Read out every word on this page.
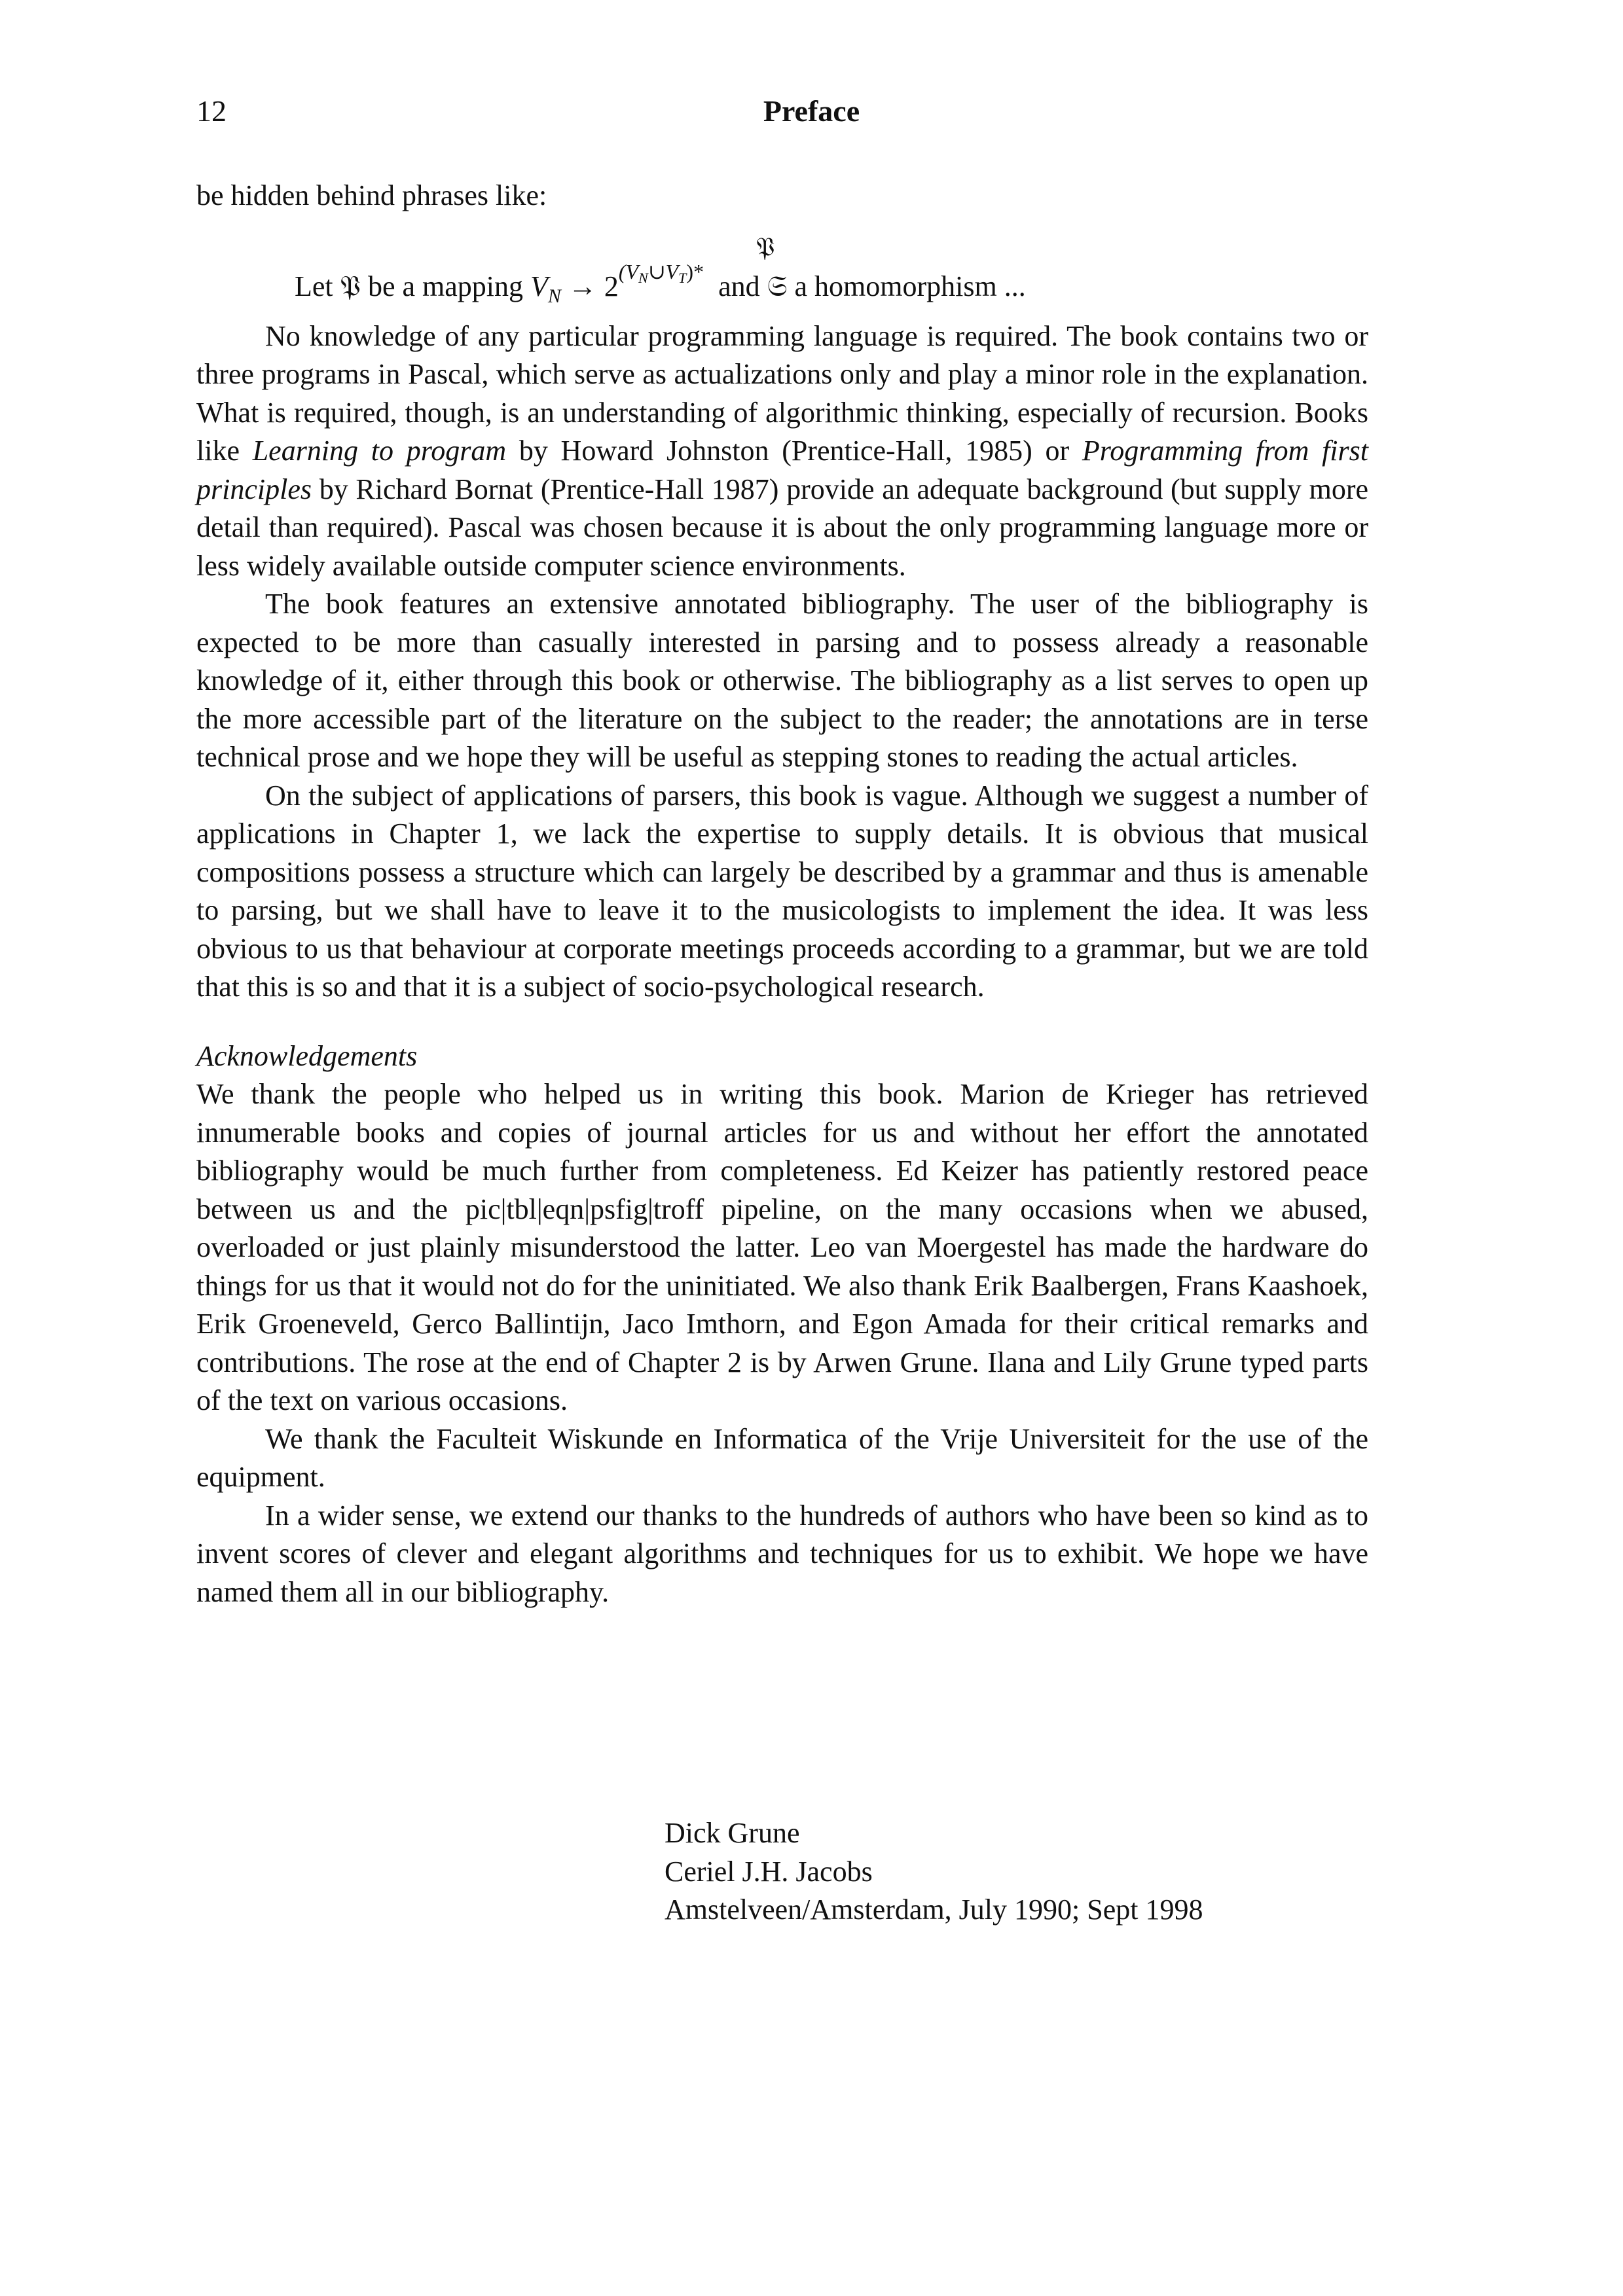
12	Preface

be hidden behind phrases like:

𝔓
Let 𝔓 be a mapping $V_N \to 2^{(VN\cup VT)*}$ and 𝔖 a homomorphism ...

No knowledge of any particular programming language is required. The book contains two or three programs in Pascal, which serve as actualizations only and play a minor role in the explanation. What is required, though, is an understanding of algorithmic thinking, especially of recursion. Books like Learning to program by Howard Johnston (Prentice-Hall, 1985) or Programming from first principles by Richard Bornat (Prentice-Hall 1987) provide an adequate background (but supply more detail than required). Pascal was chosen because it is about the only programming language more or less widely available outside computer science environments.

The book features an extensive annotated bibliography. The user of the bibliography is expected to be more than casually interested in parsing and to possess already a reasonable knowledge of it, either through this book or otherwise. The bibliography as a list serves to open up the more accessible part of the literature on the subject to the reader; the annotations are in terse technical prose and we hope they will be useful as stepping stones to reading the actual articles.

On the subject of applications of parsers, this book is vague. Although we suggest a number of applications in Chapter 1, we lack the expertise to supply details. It is obvious that musical compositions possess a structure which can largely be described by a grammar and thus is amenable to parsing, but we shall have to leave it to the musicologists to implement the idea. It was less obvious to us that behaviour at corporate meetings proceeds according to a grammar, but we are told that this is so and that it is a subject of socio-psychological research.

Acknowledgements

We thank the people who helped us in writing this book. Marion de Krieger has retrieved innumerable books and copies of journal articles for us and without her effort the annotated bibliography would be much further from completeness. Ed Keizer has patiently restored peace between us and the pic|tbl|eqn|psfig|troff pipeline, on the many occasions when we abused, overloaded or just plainly misunderstood the latter. Leo van Moergestel has made the hardware do things for us that it would not do for the uninitiated. We also thank Erik Baalbergen, Frans Kaashoek, Erik Groeneveld, Gerco Ballintijn, Jaco Imthorn, and Egon Amada for their critical remarks and contributions. The rose at the end of Chapter 2 is by Arwen Grune. Ilana and Lily Grune typed parts of the text on various occasions.

We thank the Faculteit Wiskunde en Informatica of the Vrije Universiteit for the use of the equipment.

In a wider sense, we extend our thanks to the hundreds of authors who have been so kind as to invent scores of clever and elegant algorithms and techniques for us to exhibit. We hope we have named them all in our bibliography.

Dick Grune
Ceriel J.H. Jacobs
Amstelveen/Amsterdam, July 1990; Sept 1998
